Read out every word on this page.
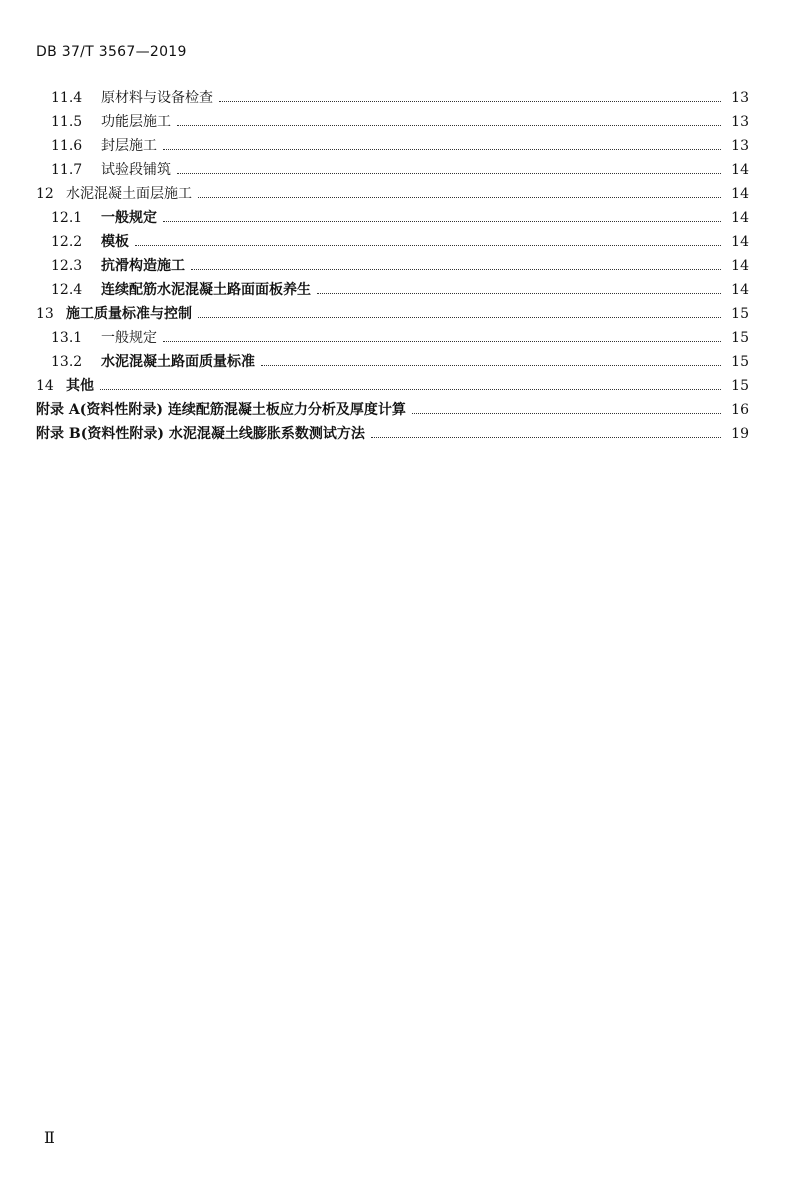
DB 37/T 3567—2019
11.4	原材料与设备检查	13
11.5	功能层施工	13
11.6	封层施工	13
11.7	试验段铺筑	14
12 水泥混凝土面层施工	14
12.1	一般规定	14
12.2	模板	14
12.3	抗滑构造施工	14
12.4	连续配筋水泥混凝土路面面板养生	14
13 施工质量标准与控制	15
13.1	一般规定	15
13.2	水泥混凝土路面质量标准	15
14 其他	15
附录 A(资料性附录) 连续配筋混凝土板应力分析及厚度计算	16
附录 B(资料性附录) 水泥混凝土线膨胀系数测试方法	19
Ⅱ
